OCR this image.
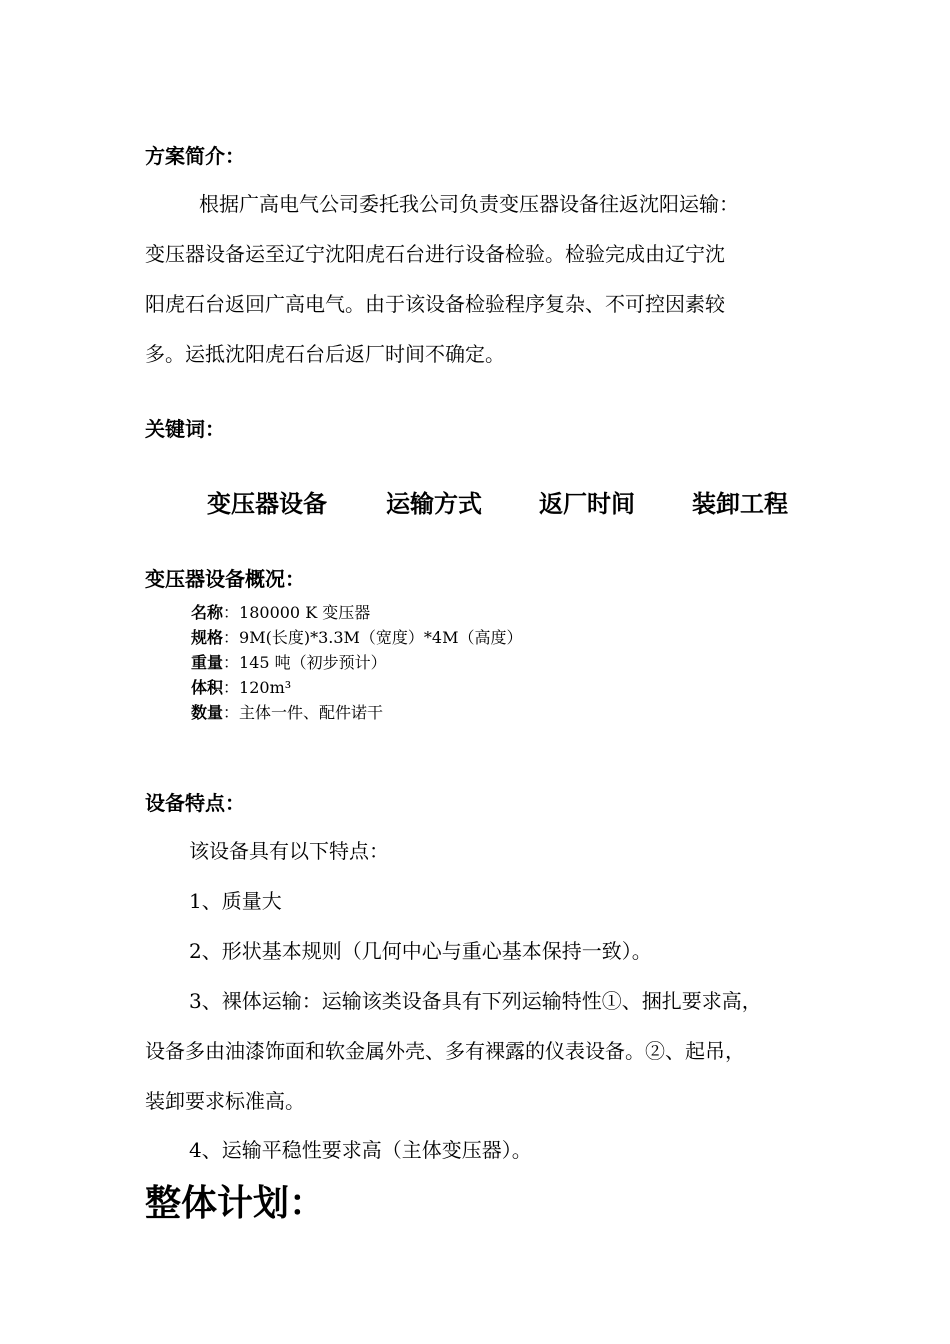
方案简介：
根据广高电气公司委托我公司负责变压器设备往返沈阳运输：
变压器设备运至辽宁沈阳虎石台进行设备检验。检验完成由辽宁沈
阳虎石台返回广高电气。由于该设备检验程序复杂、不可控因素较
多。运抵沈阳虎石台后返厂时间不确定。
关键词：
变压器设备 运输方式 返厂时间 装卸工程
变压器设备概况：
名称：180000 K 变压器
规格：9M(长度)*3.3M（宽度）*4M（高度）
重量：145 吨（初步预计）
体积：120m³
数量：主体一件、配件诺干
设备特点：
该设备具有以下特点：
1、质量大
2、形状基本规则（几何中心与重心基本保持一致）。
3、裸体运输：运输该类设备具有下列运输特性①、捆扎要求高，
设备多由油漆饰面和软金属外壳、多有裸露的仪表设备。②、起吊，
装卸要求标准高。
4、运输平稳性要求高（主体变压器）。
整体计划：
